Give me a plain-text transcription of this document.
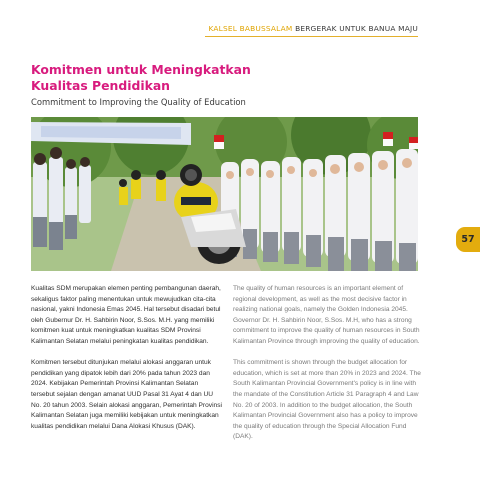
KALSEL BABUSSALAM BERGERAK UNTUK BANUA MAJU
Komitmen untuk Meningkatkan Kualitas Pendidikan

Commitment to Improving the Quality of Education

57

Kualitas SDM merupakan elemen penting pembangunan daerah, sekaligus faktor paling menentukan untuk mewujudkan cita-cita nasional, yakni Indonesia Emas 2045. Hal tersebut disadari betul oleh Gubernur Dr. H. Sahbirin Noor, S.Sos. M.H. yang memiliki komitmen kuat untuk meningkatkan kualitas SDM Provinsi Kalimantan Selatan melalui peningkatan kualitas pendidikan.

Komitmen tersebut ditunjukan melalui alokasi anggaran untuk pendidikan yang dipatok lebih dari 20% pada tahun 2023 dan 2024. Kebijakan Pemerintah Provinsi Kalimantan Selatan tersebut sejalan dengan amanat UUD Pasal 31 Ayat 4 dan UU No. 20 tahun 2003. Selain alokasi anggaran, Pemerintah Provinsi Kalimantan Selatan juga memiliki kebijakan untuk meningkatkan kualitas pendidikan melalui Dana Alokasi Khusus (DAK).

The quality of human resources is an important element of regional development, as well as the most decisive factor in realizing national goals, namely the Golden Indonesia 2045. Governor Dr. H. Sahbirin Noor, S.Sos. M.H, who has a strong commitment to improve the quality of human resources in South Kalimantan Province through improving the quality of education.

This commitment is shown through the budget allocation for education, which is set at more than 20% in 2023 and 2024. The South Kalimantan Provincial Government's policy is in line with the mandate of the Constitution Article 31 Paragraph 4 and Law No. 20 of 2003. In addition to the budget allocation, the South Kalimantan Provincial Government also has a policy to improve the quality of education through the Special Allocation Fund (DAK).
